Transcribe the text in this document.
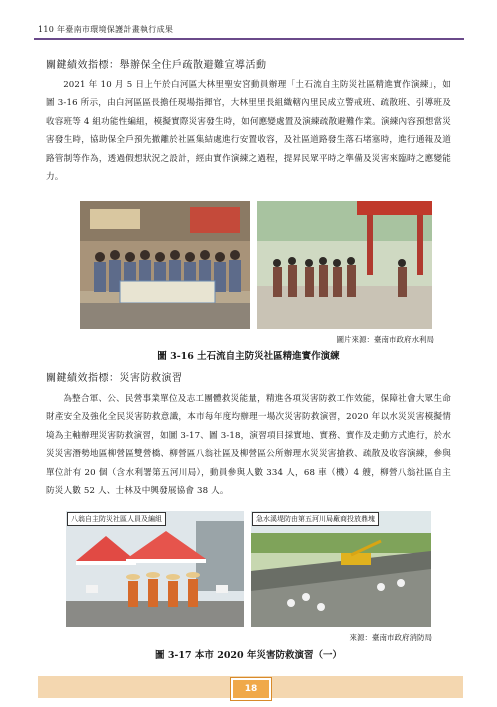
110 年臺南市環境保護計畫執行成果
關鍵績效指標：舉辦保全住戶疏散避難宣導活動
2021 年 10 月 5 日上午於白河區大林里聖安宮動員辦理「土石流自主防災社區精進實作演練」，如圖 3-16 所示，由白河區區長擔任現場指揮官，大林里里長組織轄內里民成立警戒班、疏散班、引導班及收容班等 4 組功能性編組，模擬實際災害發生時，如何應變處置及演練疏散避難作業。演練內容預想當災害發生時，協助保全戶預先撤離於社區集結處進行安置收容，及社區道路發生落石堵塞時，進行通報及道路管制等作為，透過假想狀況之設計，經由實作演練之過程，提昇民眾平時之準備及災害來臨時之應變能力。
圖片來源：臺南市政府水利局
圖 3-16 土石流自主防災社區精進實作演練
關鍵績效指標：災害防救演習
為整合軍、公、民營事業單位及志工團體救災能量，精進各項災害防救工作效能，保障社會大眾生命財產安全及強化全民災害防救意識，本市每年度均辦理一場次災害防救演習，2020 年以水災災害模擬情境為主軸辦理災害防救演習，如圖 3-17、圖 3-18，演習項目採實地、實務、實作及走動方式進行，於水災災害潛勢地區柳營區雙營橋、柳營區八翁社區及柳營區公所辦理水災災害搶救、疏散及收容演練，參與單位計有 20 個（含水利署第五河川局），動員參與人數 334 人，68 車（機）4 艘，柳營八翁社區自主防災人數 52 人、士林及中興發展協會 38 人。
八翁自主防災社區人員及編組	急水溪堤防由第五河川局廠商投放鼎塊
來源：臺南市政府消防局
圖 3-17 本市 2020 年災害防救演習（一）
18
